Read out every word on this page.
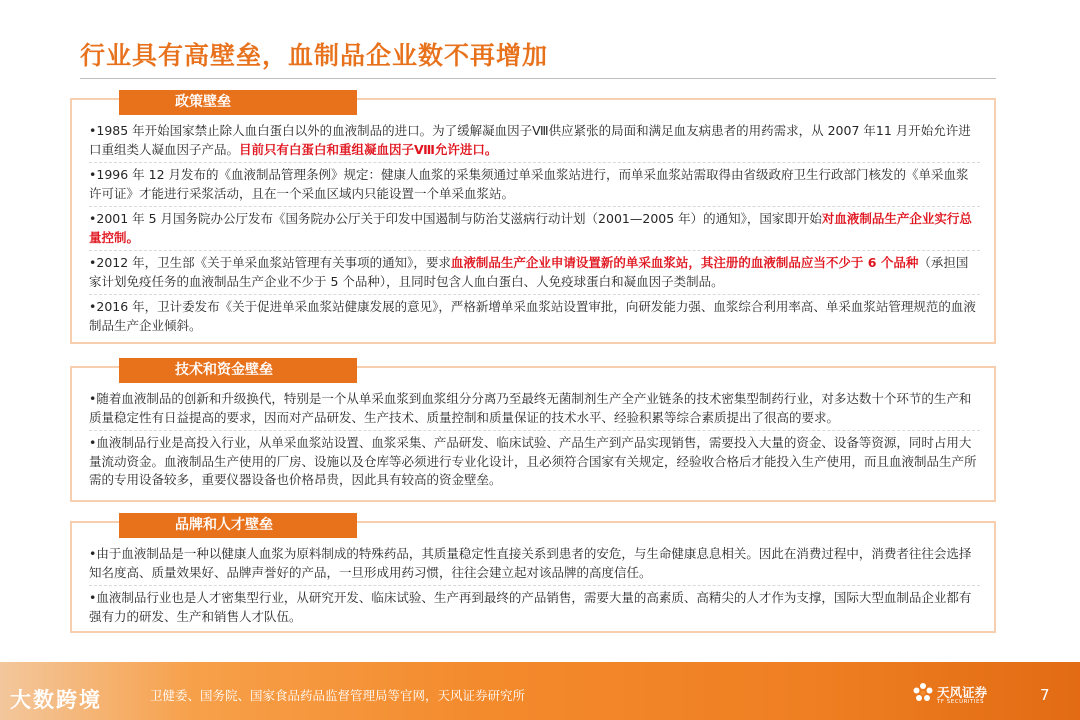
行业具有高壁垒，血制品企业数不再增加
政策壁垒

•1985 年开始国家禁止除人血白蛋白以外的血液制品的进口。为了缓解凝血因子Ⅷ供应紧张的局面和满足血友病患者的用药需求，从 2007 年11 月开始允许进口重组类人凝血因子产品。目前只有白蛋白和重组凝血因子Ⅷ允许进口。

•1996 年 12 月发布的《血液制品管理条例》规定：健康人血浆的采集须通过单采血浆站进行，而单采血浆站需取得由省级政府卫生行政部门核发的《单采血浆许可证》才能进行采浆活动，且在一个采血区域内只能设置一个单采血浆站。

•2001 年 5 月国务院办公厅发布《国务院办公厅关于印发中国遏制与防治艾滋病行动计划（2001—2005 年）的通知》，国家即开始对血液制品生产企业实行总量控制。

•2012 年，卫生部《关于单采血浆站管理有关事项的通知》，要求血液制品生产企业申请设置新的单采血浆站，其注册的血液制品应当不少于 6 个品种（承担国家计划免疫任务的血液制品生产企业不少于 5 个品种），且同时包含人血白蛋白、人免疫球蛋白和凝血因子类制品。

•2016 年，卫计委发布《关于促进单采血浆站健康发展的意见》，严格新增单采血浆站设置审批，向研发能力强、血浆综合利用率高、单采血浆站管理规范的血液制品生产企业倾斜。

技术和资金壁垒

•随着血液制品的创新和升级换代，特别是一个从单采血浆到血浆组分分离乃至最终无菌制剂生产全产业链条的技术密集型制药行业，对多达数十个环节的生产和质量稳定性有日益提高的要求，因而对产品研发、生产技术、质量控制和质量保证的技术水平、经验积累等综合素质提出了很高的要求。

•血液制品行业是高投入行业，从单采血浆站设置、血浆采集、产品研发、临床试验、产品生产到产品实现销售，需要投入大量的资金、设备等资源，同时占用大量流动资金。血液制品生产使用的厂房、设施以及仓库等必须进行专业化设计，且必须符合国家有关规定，经验收合格后才能投入生产使用，而且血液制品生产所需的专用设备较多，重要仪器设备也价格昂贵，因此具有较高的资金壁垒。

品牌和人才壁垒

•由于血液制品是一种以健康人血浆为原料制成的特殊药品，其质量稳定性直接关系到患者的安危，与生命健康息息相关。因此在消费过程中，消费者往往会选择知名度高、质量效果好、品牌声誉好的产品，一旦形成用药习惯，往往会建立起对该品牌的高度信任。

•血液制品行业也是人才密集型行业，从研究开发、临床试验、生产再到最终的产品销售，需要大量的高素质、高精尖的人才作为支撑，国际大型血制品企业都有强有力的研发、生产和销售人才队伍。

大数跨境	卫健委、国务院、国家食品药品监督管理局等官网，天风证券研究所	天风证券
TF SECURITIES	7
